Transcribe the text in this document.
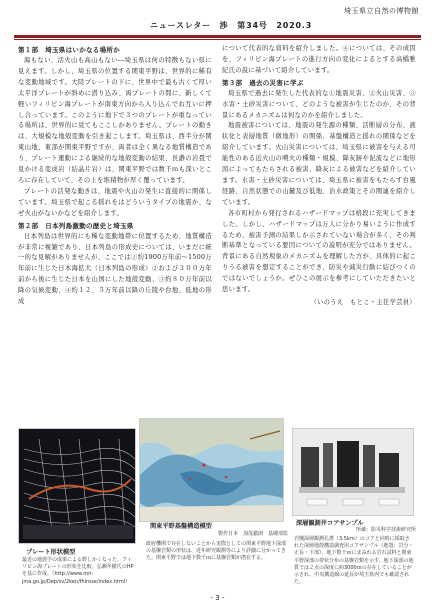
埼玉県立自然の博物館
ニュースレター　渉　第34号　2020.3
第１部　埼玉県はいかなる場所か

海もない、活火山も高山もない―埼玉県は何の特徴もない県に見えます。しかし、埼玉県の位置する関東平野は、世界的に稀有な変動地域です。大陸プレートの下に、世界中で最も古くて厚い太平洋プレートが斜めに潜り込み、両プレートの間に、新しくて軽いフィリピン海プレートが南東方向から入り込んでお互いに押し合っています。このように地下で３つのプレートが重なっている場所は、世界的に見てもここしかありません。プレートの動きは、大規模な地殻変動を引き起こします。埼玉県は、西半分が関東山地、東部が関東平野ですが、両者は全く異なる地質構造であり、プレート運動による継続的な地殻変動の結果、長瀞の岩畳で見かける変成岩（結晶片岩）は、関東平野では数千ｍも深いところに存在していて、その上を堆積物が厚く覆っています。

プレートの活発な動きは、地震や火山の発生に直接的に関係しています。埼玉県で起こる揺れをはどういうタイプの地震か、なぜ火山がないかなどを紹介します。

第２部　日本列島激動の歴史と埼玉県

日本列島は世界的にも稀な変動地帯に位置するため、地質構造が非常に複雑であり、日本列島の形成史については、いまだに統一的な見解がありませんが、ここでは①約1900万年前～1500万年前に生じた日本海拡大（日本列島の形成）②および３００万年前から後に生じた日本を山国にした地殻変動、③約８０万年前以降の気候変動、④約１２、５万年前以降の丘陵や台地、低地の形成

について代表的な資料を紹介しました。④については、その成因を、フィリピン海プレートの進行方向の変化によるとする高橋雅紀氏の説に基づいて紹介しています。

第３部　過去の災害に学ぶ

埼玉県で過去に発生した代表的な①地震災害、②火山災害、③水害・土砂災害について、どのような被害が生じたのか、その背景にあるメカニズムは何なのかを紹介しました。

地震被害については、地震の発生源の種類、活断層の分布、液状化と表層地質（微地形）の関係、基盤構造と揺れの関係などを紹介しています。火山災害については、埼玉県に被害を与える可能性のある近火山の噴火の種類・規模、降灰跡や泥流などに地形図によってもたらされる被害、降灰による被害などを紹介しています。水害・土砂災害については、埼玉県に被害をもたらす台風経路、自然状態での山麓及び低地、治水政策とその関連を紹介しています。

各市町村から発行されるハザードマップは格段に充実してきました。しかし、ハザードマップは万人に分かり易いように作成するため、被害予測の結果しか示されていない場合が多く、その判断基準となっている要因についての説明が充分ではありません。背景にある自然現象のメカニズムを理解した方が、具体的に起こりうる被害を想定することができ、防災や減災行動に結びつくのではないでしょうか。ぜひこの展示を参考にしていただきたいと思います。

（いのうえ　もとこ・主任学芸員）
プレート形状模型
最近の地震学の成果による野しかくなった、フィリピン海プレートの形状を比較。弘瀬冬樹氏のHPを基に作成。（http://www.mri-jma.go.jp/Dep/sv/2ken/fhirose/index.html）
関東平野基盤構造模型
製作日本　加茂徹朗　基礎部監
政府機関で存在しないことから実際としての関東平野地下深部の基盤岩類の形状は、近年研究観測等により詳細に分かってきた。関東平野では地下数千ｍに基盤岩類が潜在する。
深層観測井コアサンプル
所蔵：防災科学技術研究所
岩槻深層観測孔群（3.5km）のコアと同時に採取された深層地殻構造調査用コアサンプル（地殻：岩分・正長・下部）。地下数千ｍにまみれる岩石試料と関東平野深部の帯状分布の基盤岩類を示す。地下深部の地質では２点の深度に約3000ｍの存在していることが示され、中央構造線の延長が埼玉県内でも確認された。
- 3 -
